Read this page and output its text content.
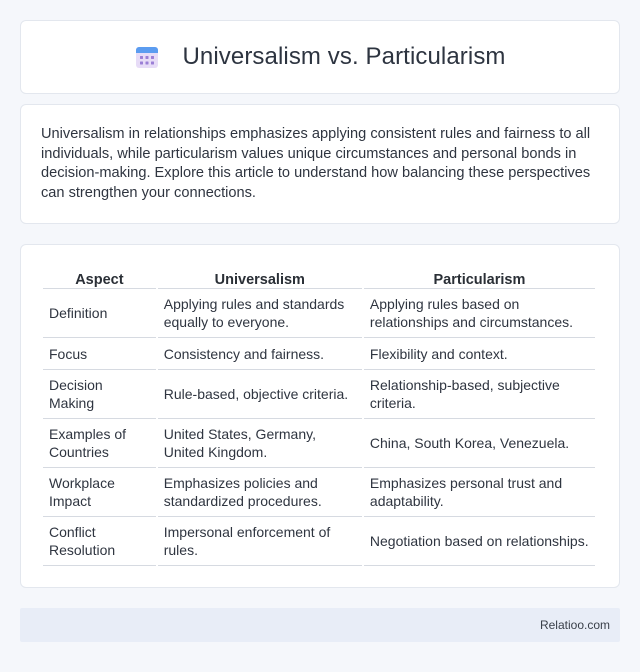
Universalism vs. Particularism

Universalism in relationships emphasizes applying consistent rules and fairness to all individuals, while particularism values unique circumstances and personal bonds in decision-making. Explore this article to understand how balancing these perspectives can strengthen your connections.

Aspect	Universalism	Particularism
Definition	Applying rules and standards equally to everyone.	Applying rules based on relationships and circumstances.
Focus	Consistency and fairness.	Flexibility and context.
Decision Making	Rule-based, objective criteria.	Relationship-based, subjective criteria.
Examples of Countries	United States, Germany, United Kingdom.	China, South Korea, Venezuela.
Workplace Impact	Emphasizes policies and standardized procedures.	Emphasizes personal trust and adaptability.
Conflict Resolution	Impersonal enforcement of rules.	Negotiation based on relationships.
Relatioo.com
